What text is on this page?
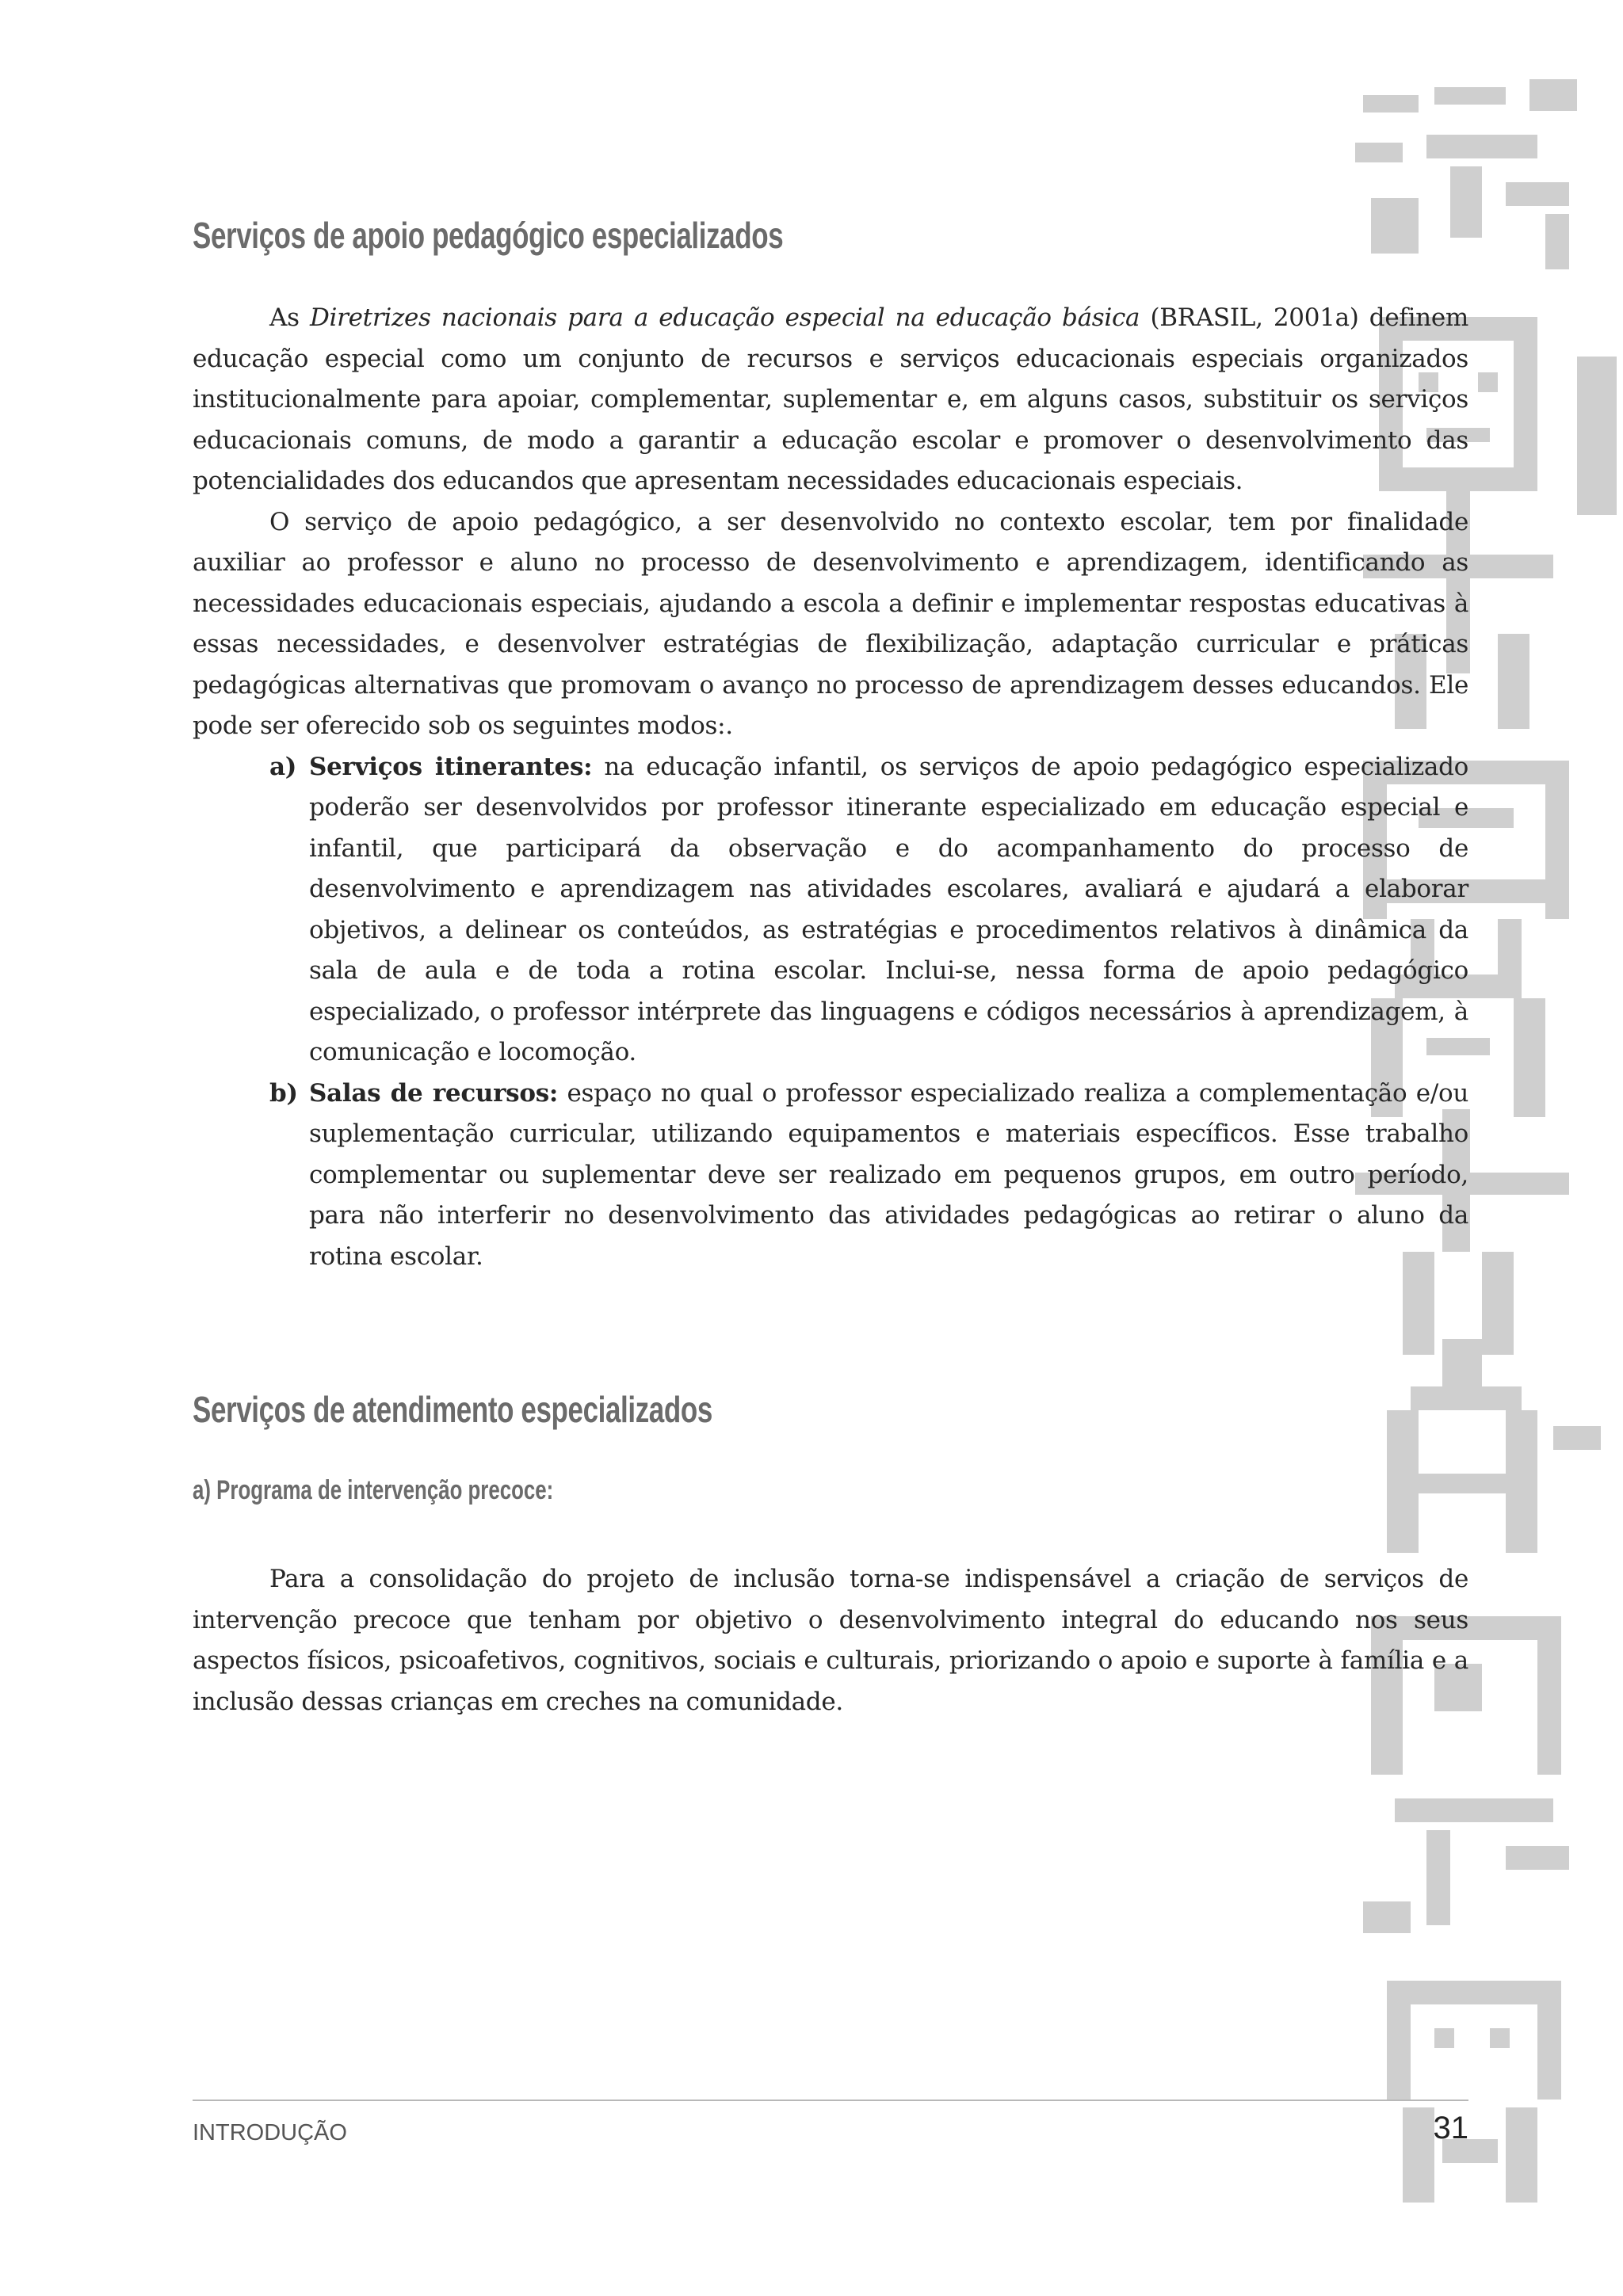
Serviços de apoio pedagógico especializados

As Diretrizes nacionais para a educação especial na educação básica (BRASIL, 2001a) definem educação especial como um conjunto de recursos e serviços educacionais especiais organizados institucionalmente para apoiar, complementar, suplementar e, em alguns casos, substituir os serviços educacionais comuns, de modo a garantir a educação escolar e promover o desenvolvimento das potencialidades dos educandos que apresentam necessidades educacionais especiais.

O serviço de apoio pedagógico, a ser desenvolvido no contexto escolar, tem por finalidade auxiliar ao professor e aluno no processo de desenvolvimento e aprendizagem, identificando as necessidades educacionais especiais, ajudando a escola a definir e implementar respostas educativas à essas necessidades, e desenvolver estratégias de flexibilização, adaptação curricular e práticas pedagógicas alternativas que promovam o avanço no processo de aprendizagem desses educandos. Ele pode ser oferecido sob os seguintes modos:.

a) Serviços itinerantes: na educação infantil, os serviços de apoio pedagógico especializado poderão ser desenvolvidos por professor itinerante especializado em educação especial e infantil, que participará da observação e do acompanhamento do processo de desenvolvimento e aprendizagem nas atividades escolares, avaliará e ajudará a elaborar objetivos, a delinear os conteúdos, as estratégias e procedimentos relativos à dinâmica da sala de aula e de toda a rotina escolar. Inclui-se, nessa forma de apoio pedagógico especializado, o professor intérprete das linguagens e códigos necessários à aprendizagem, à comunicação e locomoção.

b) Salas de recursos: espaço no qual o professor especializado realiza a complementação e/ou suplementação curricular, utilizando equipamentos e materiais específicos. Esse trabalho complementar ou suplementar deve ser realizado em pequenos grupos, em outro período, para não interferir no desenvolvimento das atividades pedagógicas ao retirar o aluno da rotina escolar.

Serviços de atendimento especializados
a) Programa de intervenção precoce:

Para a consolidação do projeto de inclusão torna-se indispensável a criação de serviços de intervenção precoce que tenham por objetivo o desenvolvimento integral do educando nos seus aspectos físicos, psicoafetivos, cognitivos, sociais e culturais, priorizando o apoio e suporte à família e a inclusão dessas crianças em creches na comunidade.

INTRODUÇÃO	31
